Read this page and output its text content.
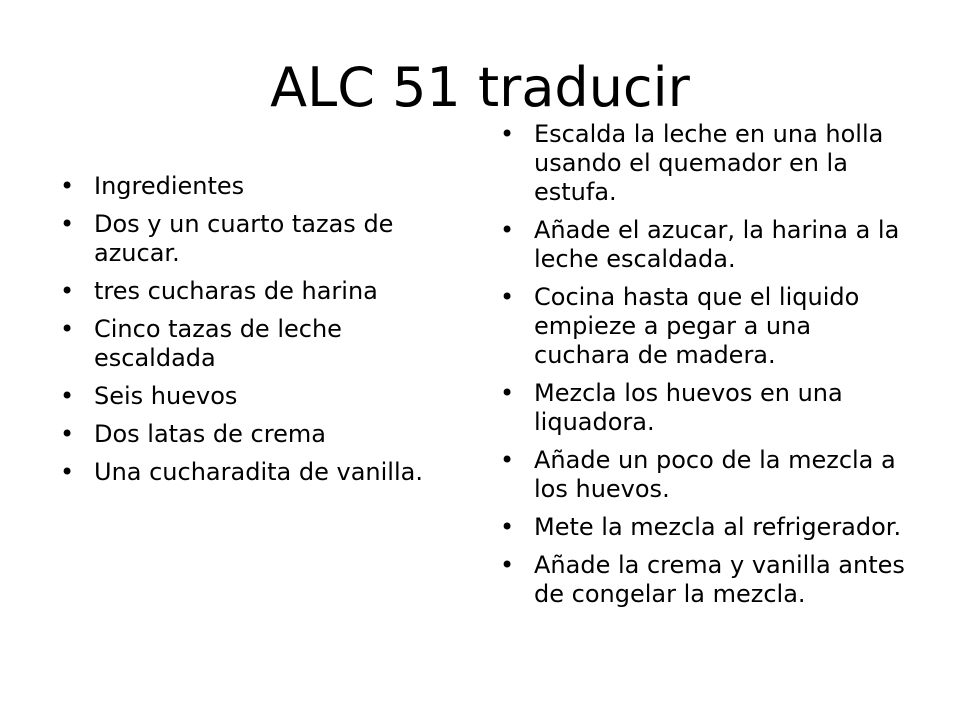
ALC 51 traducir
• Ingredientes
• Dos y un cuarto tazas de azucar.
• tres cucharas de harina
• Cinco tazas de leche escaldada
• Seis huevos
• Dos latas de crema
• Una cucharadita de vanilla.
• Escalda la leche en una holla usando el quemador en la estufa.
• Añade el azucar, la harina a la leche escaldada.
• Cocina hasta que el liquido empieze a pegar a una cuchara de madera.
• Mezcla los huevos en una liquadora.
• Añade un poco de la mezcla a los huevos.
• Mete la mezcla al refrigerador.
• Añade la crema y vanilla antes de congelar la mezcla.
